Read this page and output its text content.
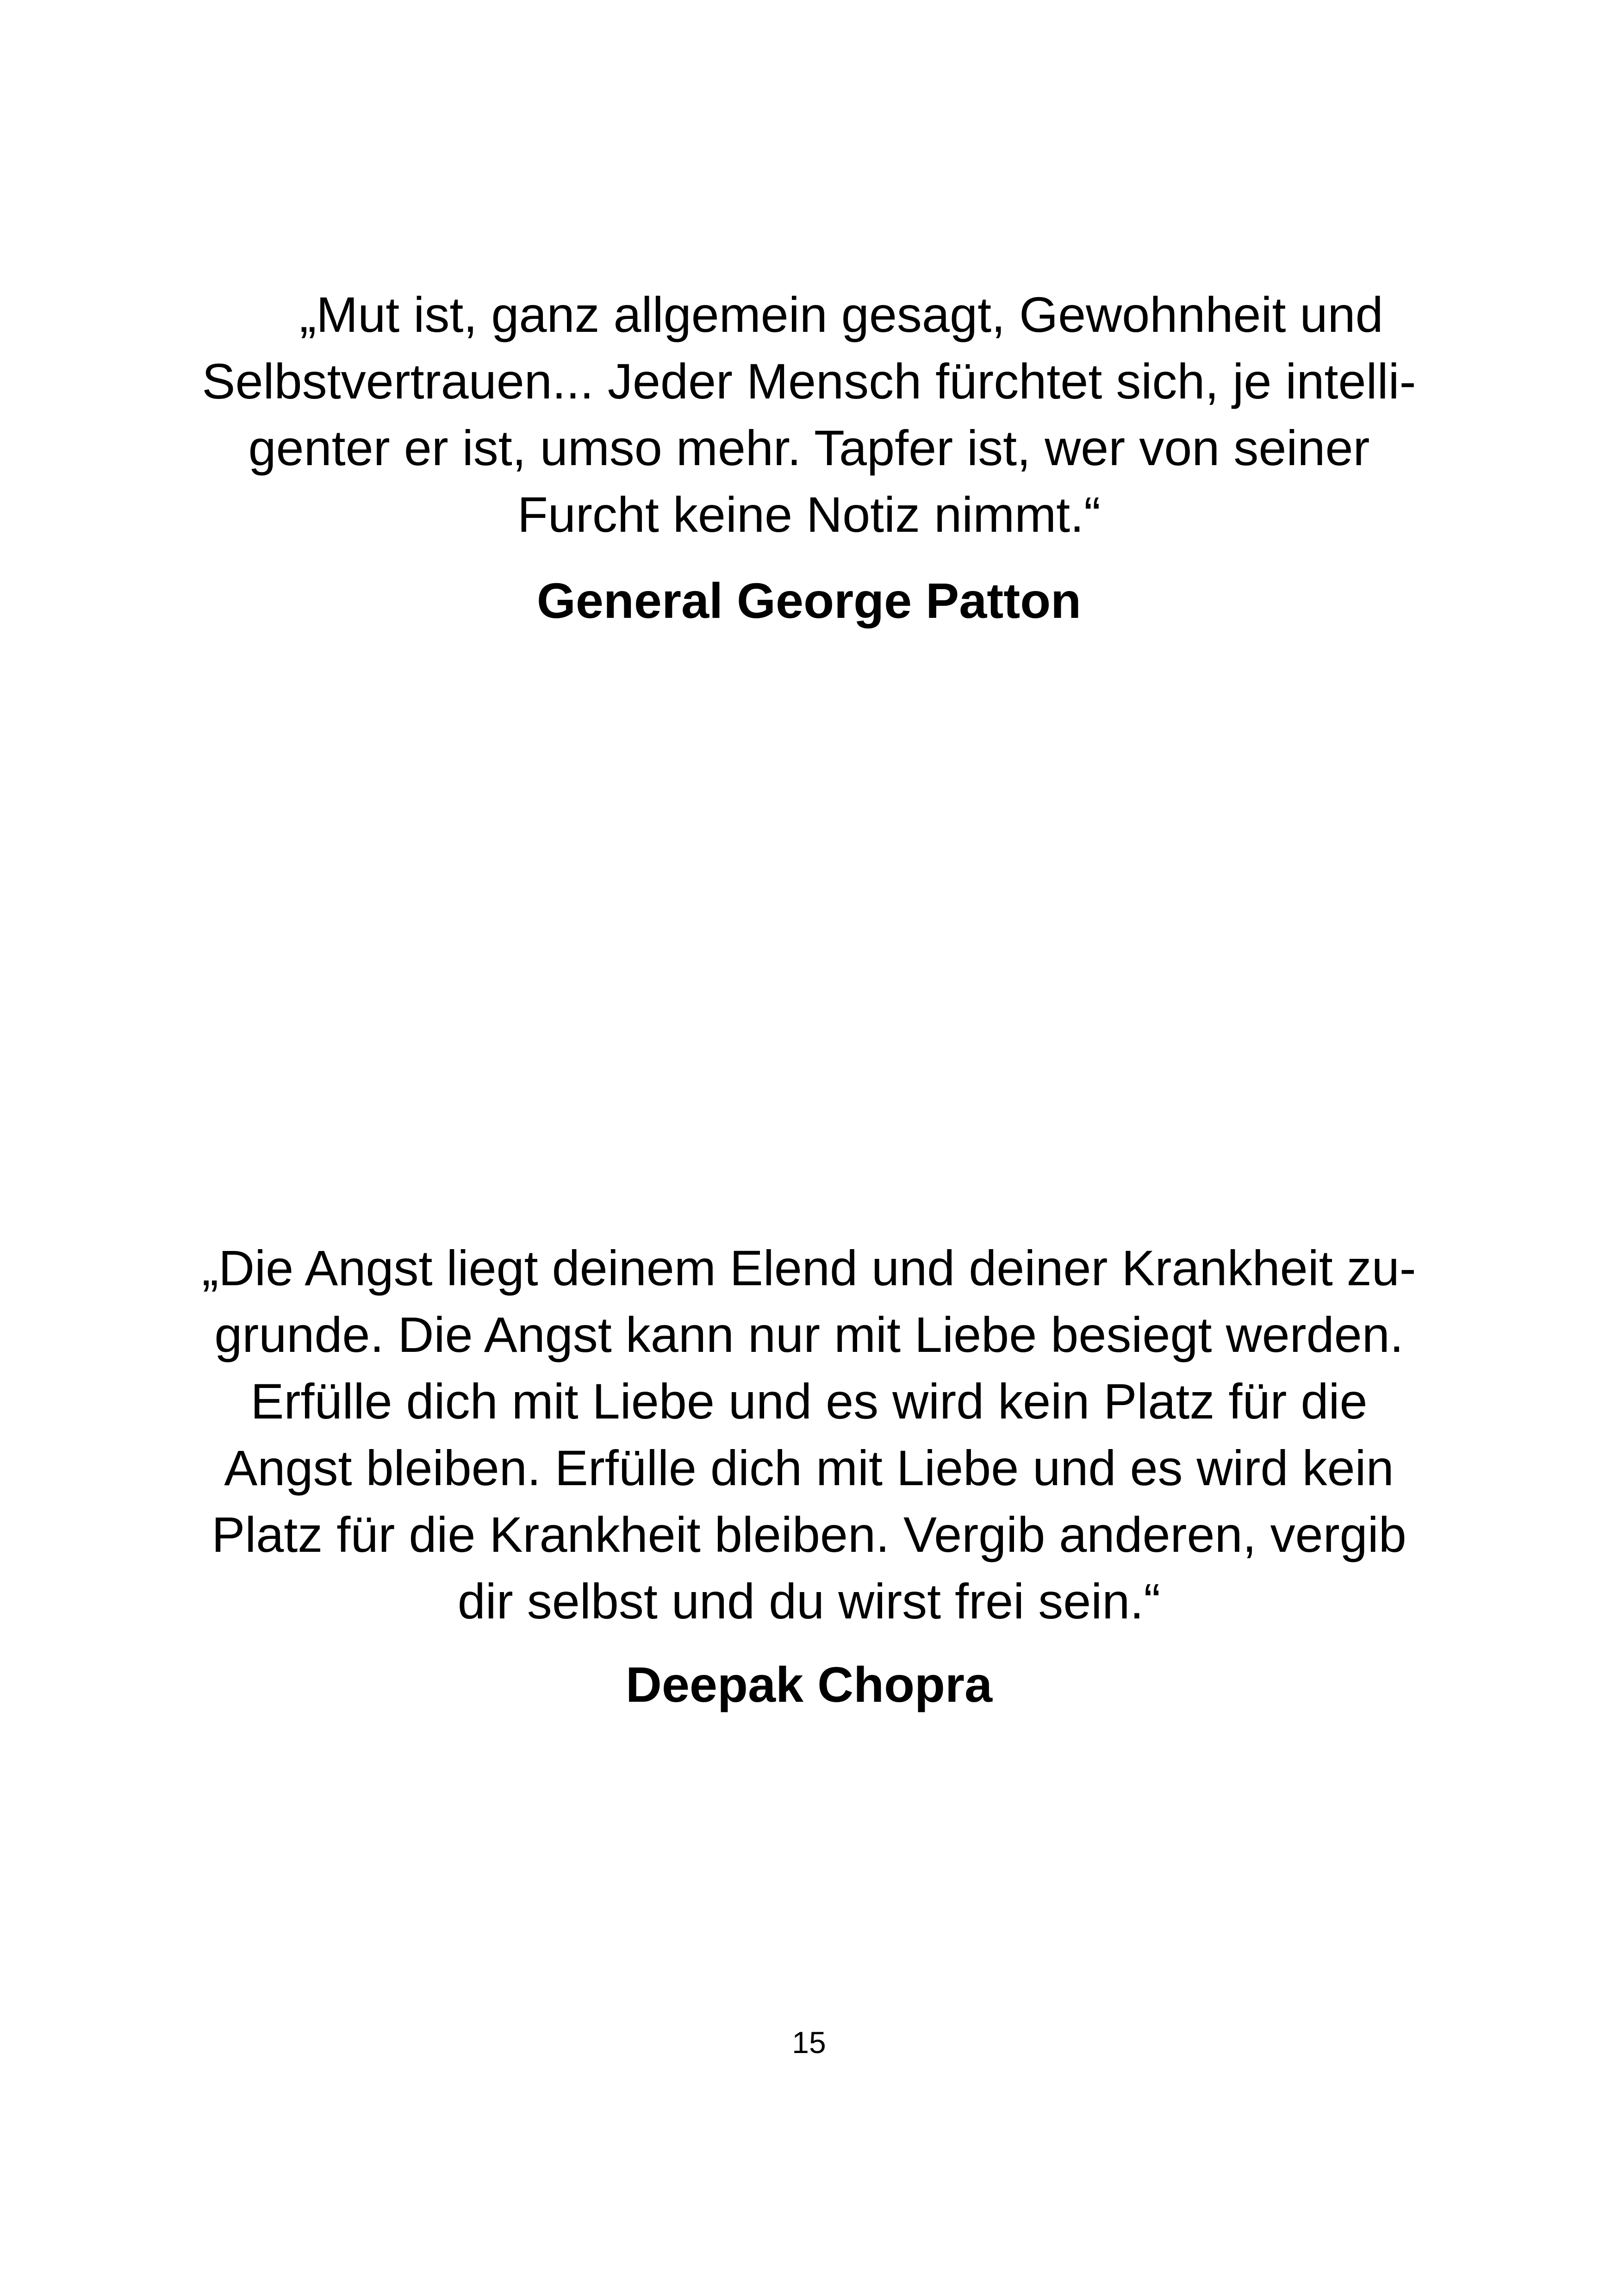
„Mut ist, ganz allgemein gesagt, Gewohnheit und
Selbstvertrauen... Jeder Mensch fürchtet sich, je intelli-
genter er ist, umso mehr. Tapfer ist, wer von seiner
Furcht keine Notiz nimmt.“
General George Patton
„Die Angst liegt deinem Elend und deiner Krankheit zu-
grunde. Die Angst kann nur mit Liebe besiegt werden.
Erfülle dich mit Liebe und es wird kein Platz für die
Angst bleiben. Erfülle dich mit Liebe und es wird kein
Platz für die Krankheit bleiben. Vergib anderen, vergib
dir selbst und du wirst frei sein.“
Deepak Chopra
15
